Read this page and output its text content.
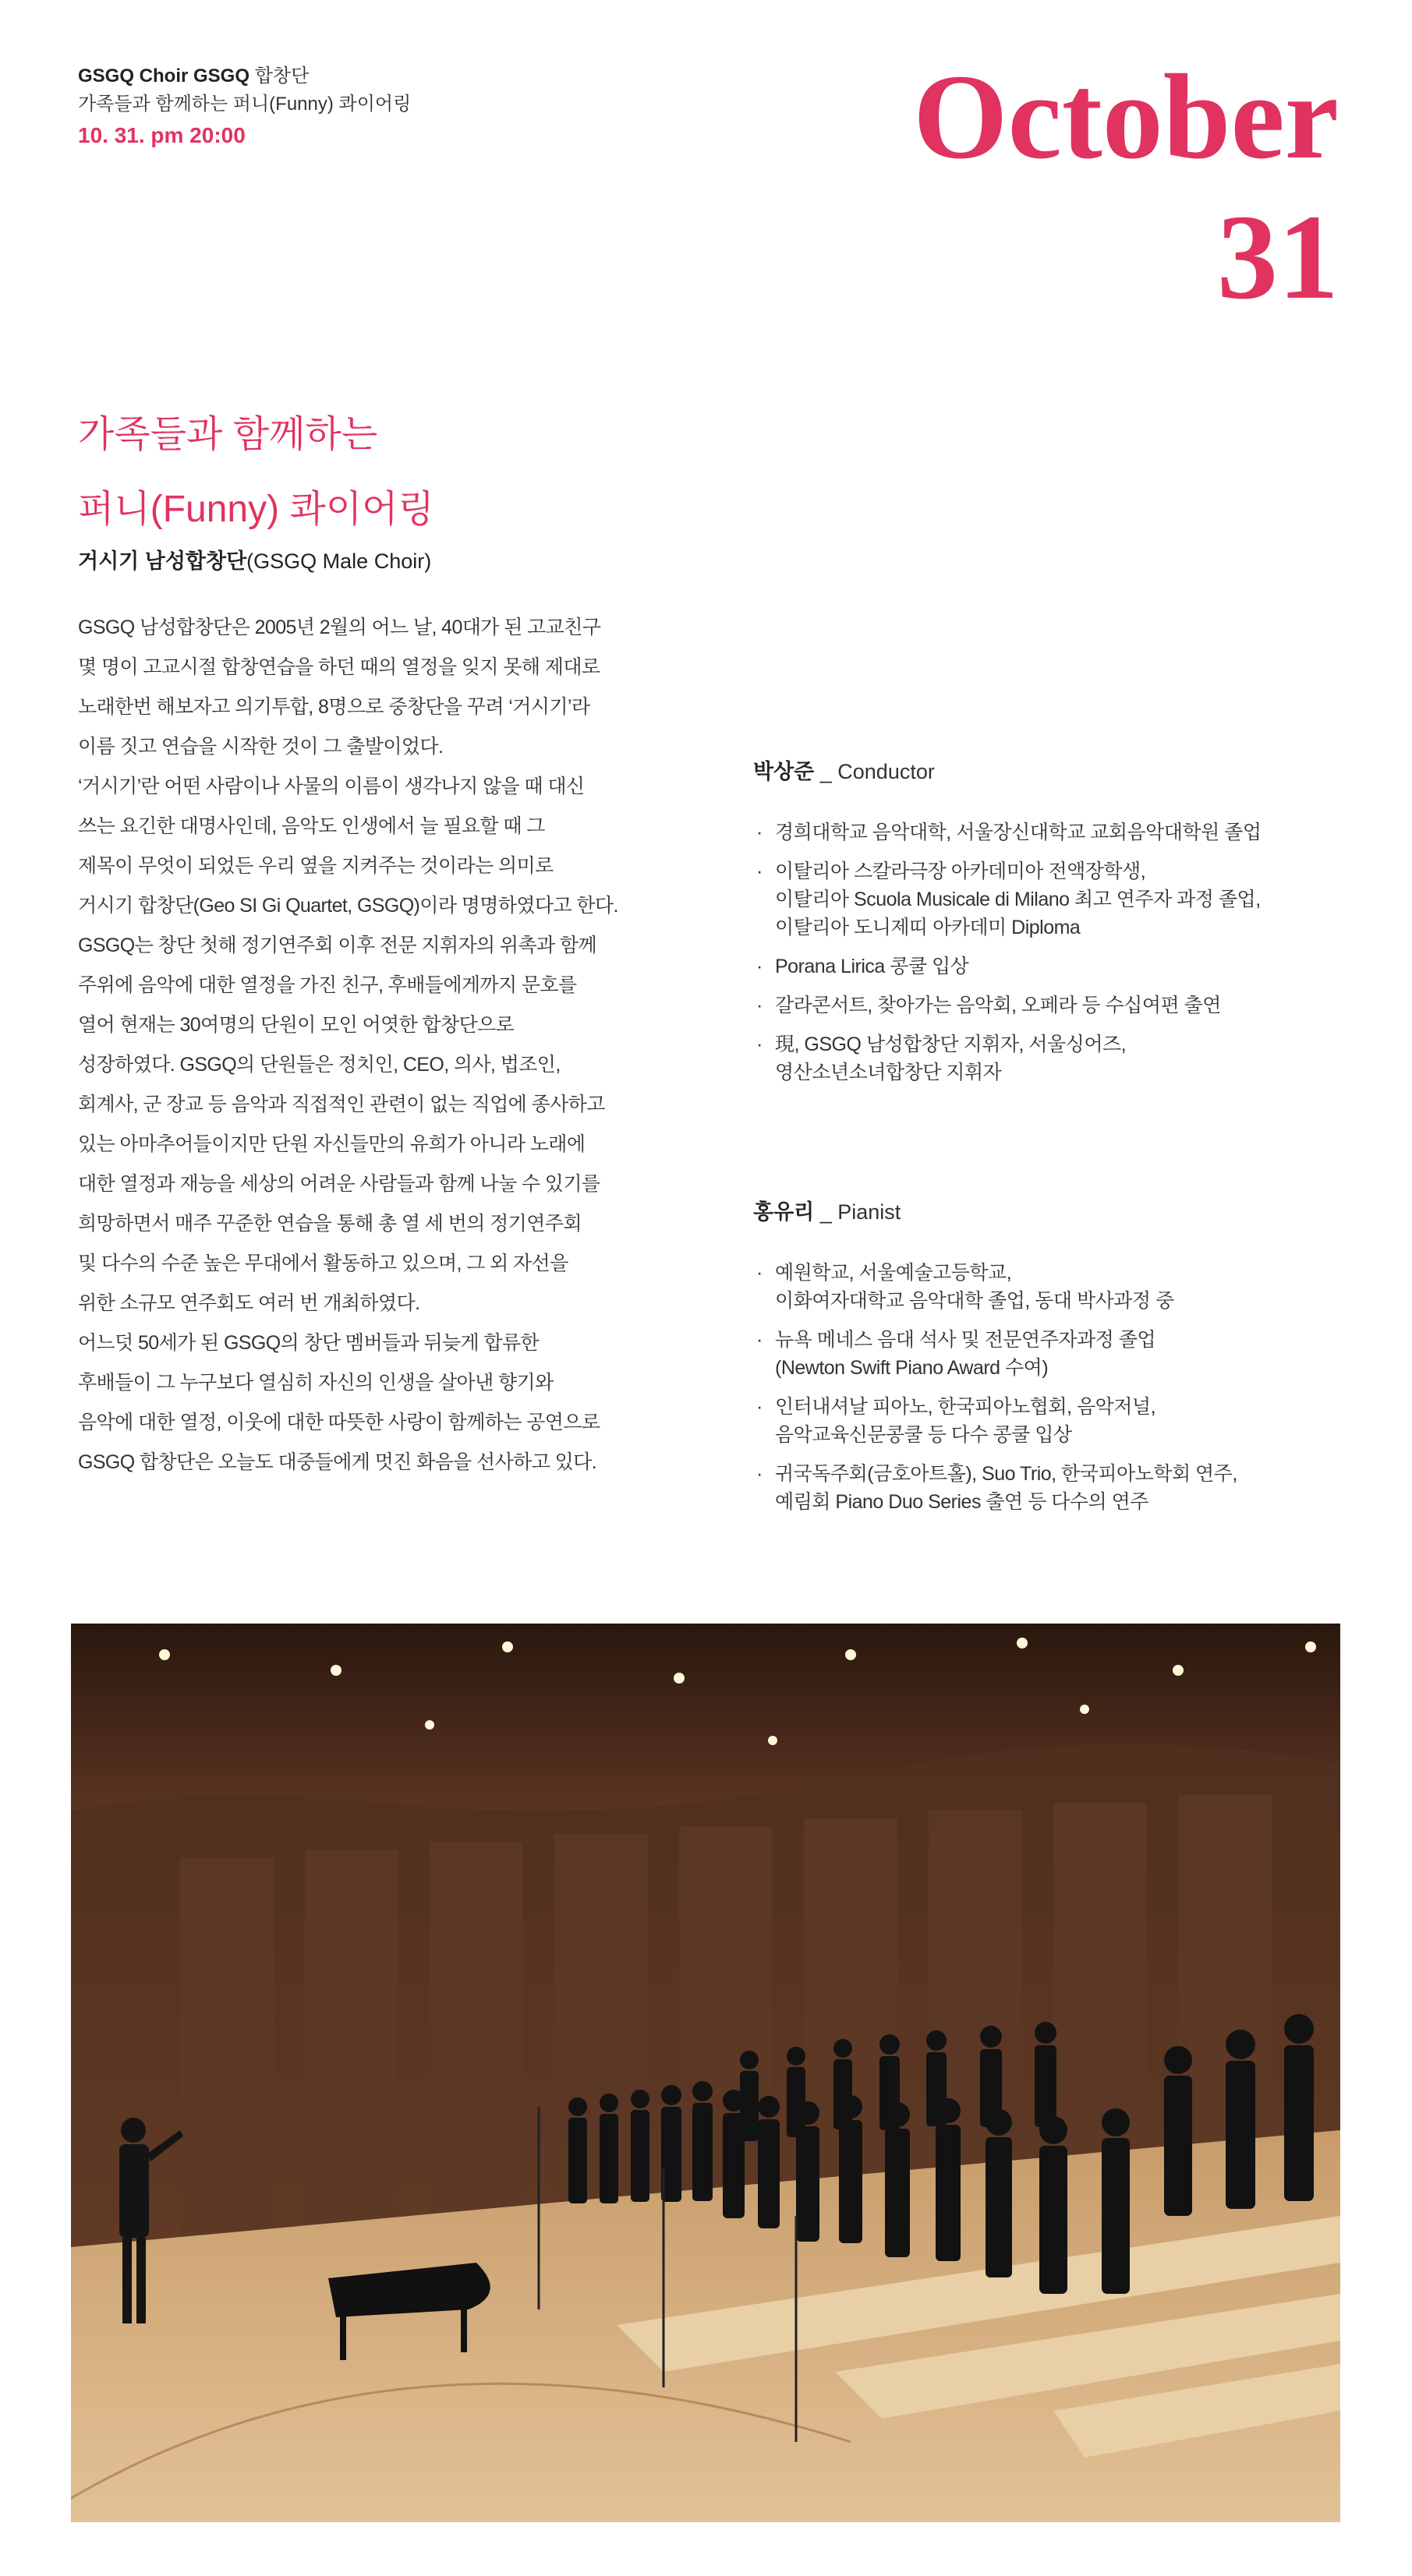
GSGQ Choir GSGQ 합창단
가족들과 함께하는 퍼니(Funny) 콰이어링
10. 31. pm 20:00	October
31
가족들과 함께하는
퍼니(Funny) 콰이어링
거시기 남성합창단(GSGQ Male Choir)

GSGQ 남성합창단은 2005년 2월의 어느 날, 40대가 된 고교친구

몇 명이 고교시절 합창연습을 하던 때의 열정을 잊지 못해 제대로

노래한번 해보자고 의기투합, 8명으로 중창단을 꾸려 ‘거시기’라

이름 짓고 연습을 시작한 것이 그 출발이었다.

‘거시기’란 어떤 사람이나 사물의 이름이 생각나지 않을 때 대신

쓰는 요긴한 대명사인데, 음악도 인생에서 늘 필요할 때 그

제목이 무엇이 되었든 우리 옆을 지켜주는 것이라는 의미로

거시기 합창단(Geo SI Gi Quartet, GSGQ)이라 명명하였다고 한다.

GSGQ는 창단 첫해 정기연주회 이후 전문 지휘자의 위촉과 함께

주위에 음악에 대한 열정을 가진 친구, 후배들에게까지 문호를

열어 현재는 30여명의 단원이 모인 어엿한 합창단으로

성장하였다. GSGQ의 단원들은 정치인, CEO, 의사, 법조인,

회계사, 군 장교 등 음악과 직접적인 관련이 없는 직업에 종사하고

있는 아마추어들이지만 단원 자신들만의 유희가 아니라 노래에

대한 열정과 재능을 세상의 어려운 사람들과 함께 나눌 수 있기를

희망하면서 매주 꾸준한 연습을 통해 총 열 세 번의 정기연주회

및 다수의 수준 높은 무대에서 활동하고 있으며, 그 외 자선을

위한 소규모 연주회도 여러 번 개최하였다.

어느덧 50세가 된 GSGQ의 창단 멤버들과 뒤늦게 합류한

후배들이 그 누구보다 열심히 자신의 인생을 살아낸 향기와

음악에 대한 열정, 이웃에 대한 따뜻한 사랑이 함께하는 공연으로

GSGQ 합창단은 오늘도 대중들에게 멋진 화음을 선사하고 있다.

박상준 _ Conductor
· 경희대학교 음악대학, 서울장신대학교 교회음악대학원 졸업
· 이탈리아 스칼라극장 아카데미아 전액장학생,
이탈리아 Scuola Musicale di Milano 최고 연주자 과정 졸업,
이탈리아 도니제띠 아카데미 Diploma
· Porana Lirica 콩쿨 입상
· 갈라콘서트, 찾아가는 음악회, 오페라 등 수십여편 출연
· 現, GSGQ 남성합창단 지휘자, 서울싱어즈,
영산소년소녀합창단 지휘자
홍유리 _ Pianist
· 예원학교, 서울예술고등학교,
이화여자대학교 음악대학 졸업, 동대 박사과정 중
· 뉴욕 메네스 음대 석사 및 전문연주자과정 졸업
(Newton Swift Piano Award 수여)
· 인터내셔날 피아노, 한국피아노협회, 음악저널,
음악교육신문콩쿨 등 다수 콩쿨 입상
· 귀국독주회(금호아트홀), Suo Trio, 한국피아노학회 연주,
예림회 Piano Duo Series 출연 등 다수의 연주
